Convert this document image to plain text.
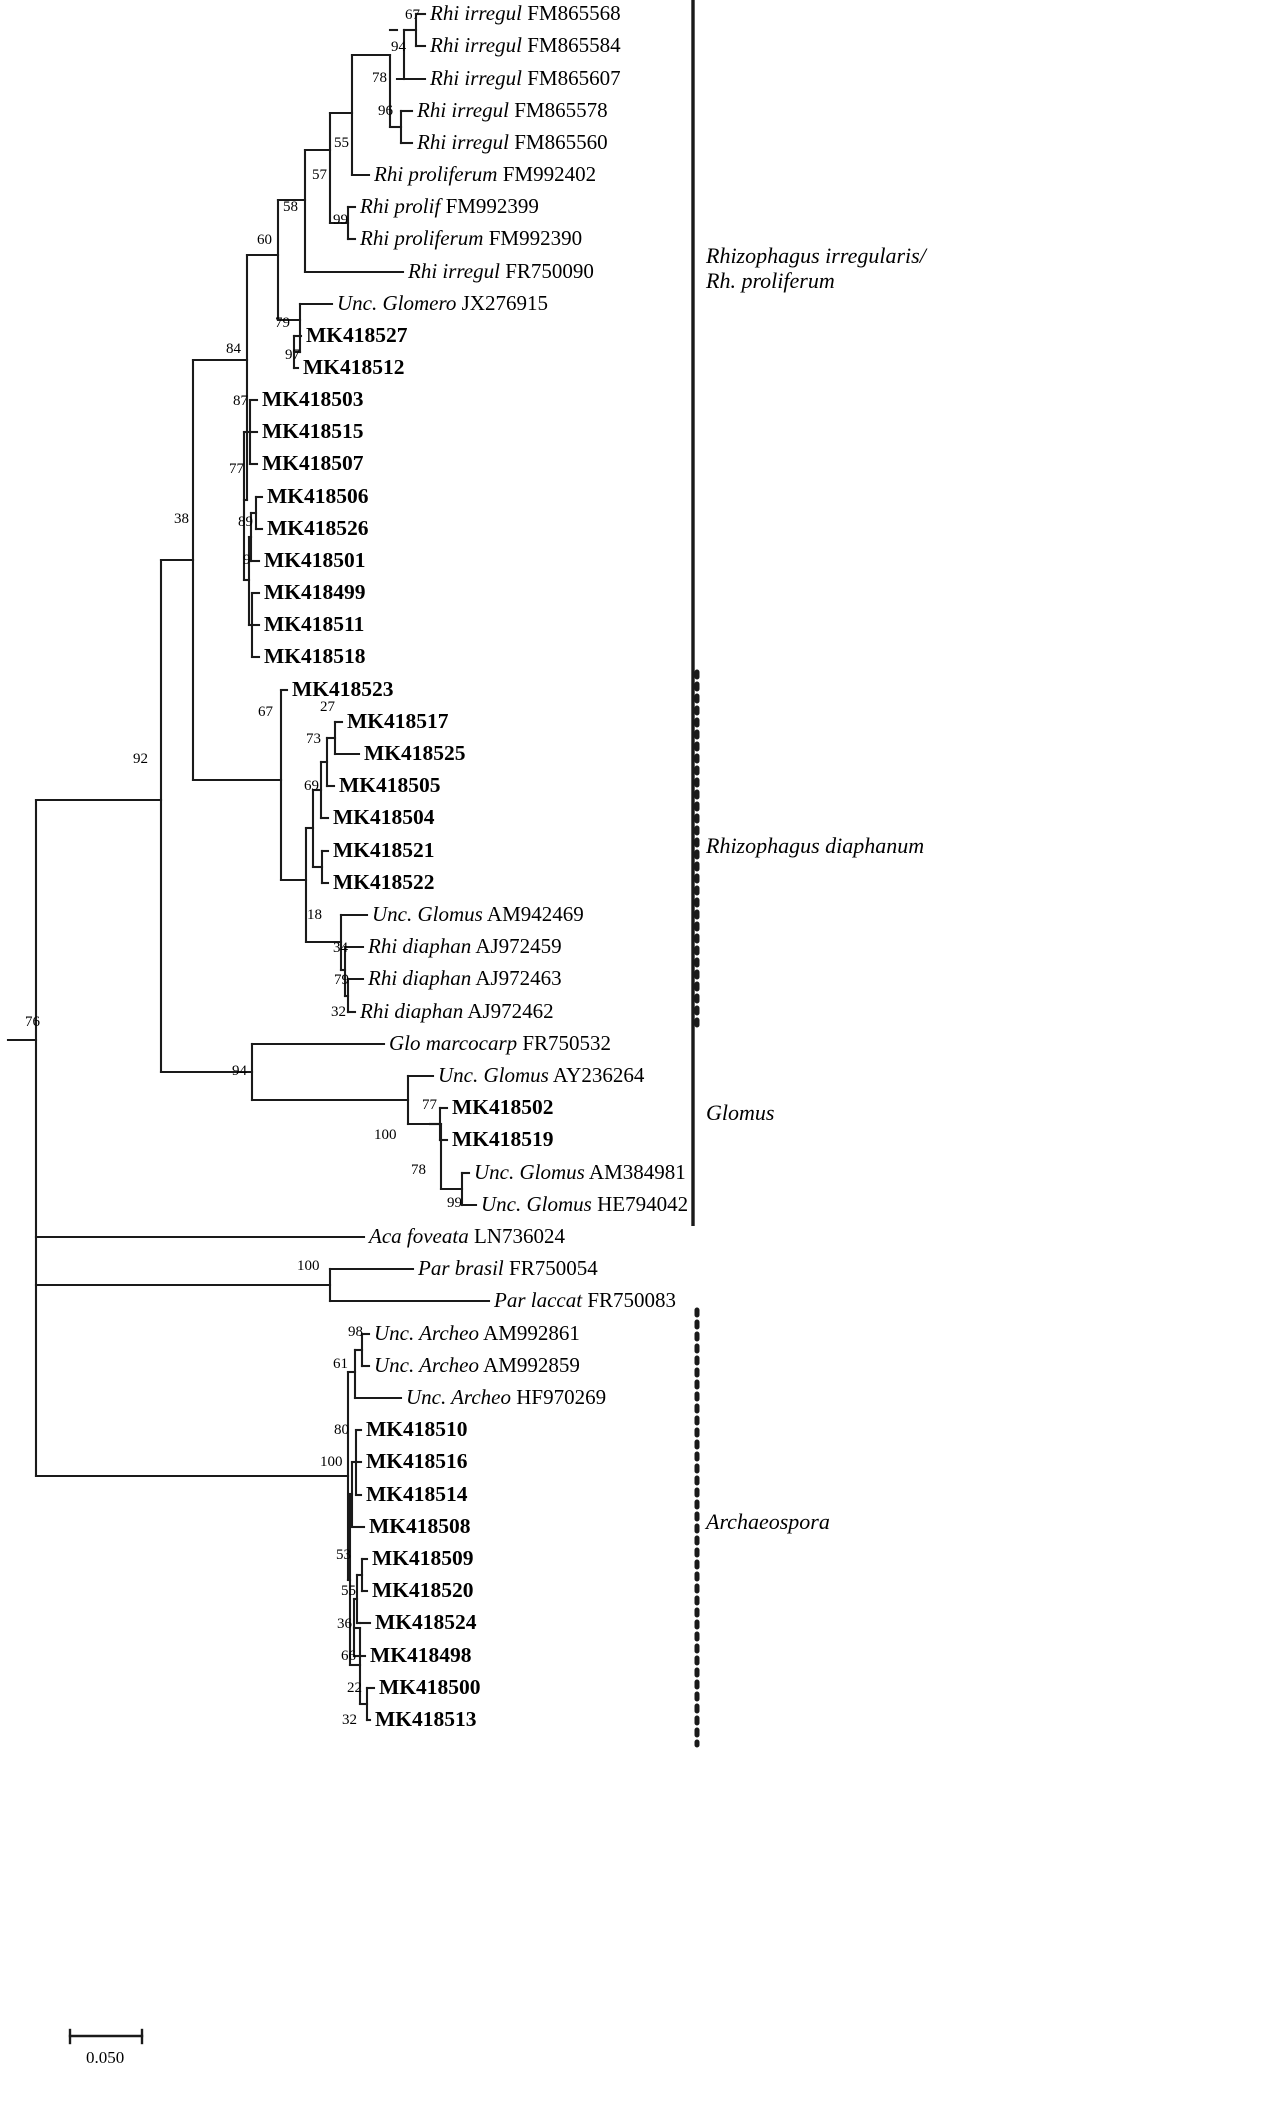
Rhi irregul FM865568
Rhi irregul FM865584
Rhi irregul FM865607
Rhi irregul FM865578
Rhi irregul FM865560
Rhi proliferum FM992402
Rhi prolif FM992399
Rhi proliferum FM992390
Rhi irregul FR750090
Unc. Glomero JX276915
MK418527
MK418512
MK418503
MK418515
MK418507
MK418506
MK418526
MK418501
MK418499
MK418511
MK418518
MK418523
MK418517
MK418525
MK418505
MK418504
MK418521
MK418522
Unc. Glomus AM942469
Rhi diaphan AJ972459
Rhi diaphan AJ972463
Rhi diaphan AJ972462
Glo marcocarp FR750532
Unc. Glomus AY236264
MK418502
MK418519
Unc. Glomus AM384981
Unc. Glomus HE794042
Aca foveata LN736024
Par brasil FR750054
Par laccat FR750083
Unc. Archeo AM992861
Unc. Archeo AM992859
Unc. Archeo HF970269
MK418510
MK418516
MK418514
MK418508
MK418509
MK418520
MK418524
MK418498
MK418500
MK418513
67
94
78
96
55
57
99
58
60
79
97
84
87
77
89
9
38
27
73
67
69
18
34
79
32
92
94
77
100
78
99
76
100
98
61
80
100
53
55
36
66
22
32
Rhizophagus irregularis/
Rh. proliferum
Rhizophagus diaphanum
Glomus
Archaeospora
0.050
